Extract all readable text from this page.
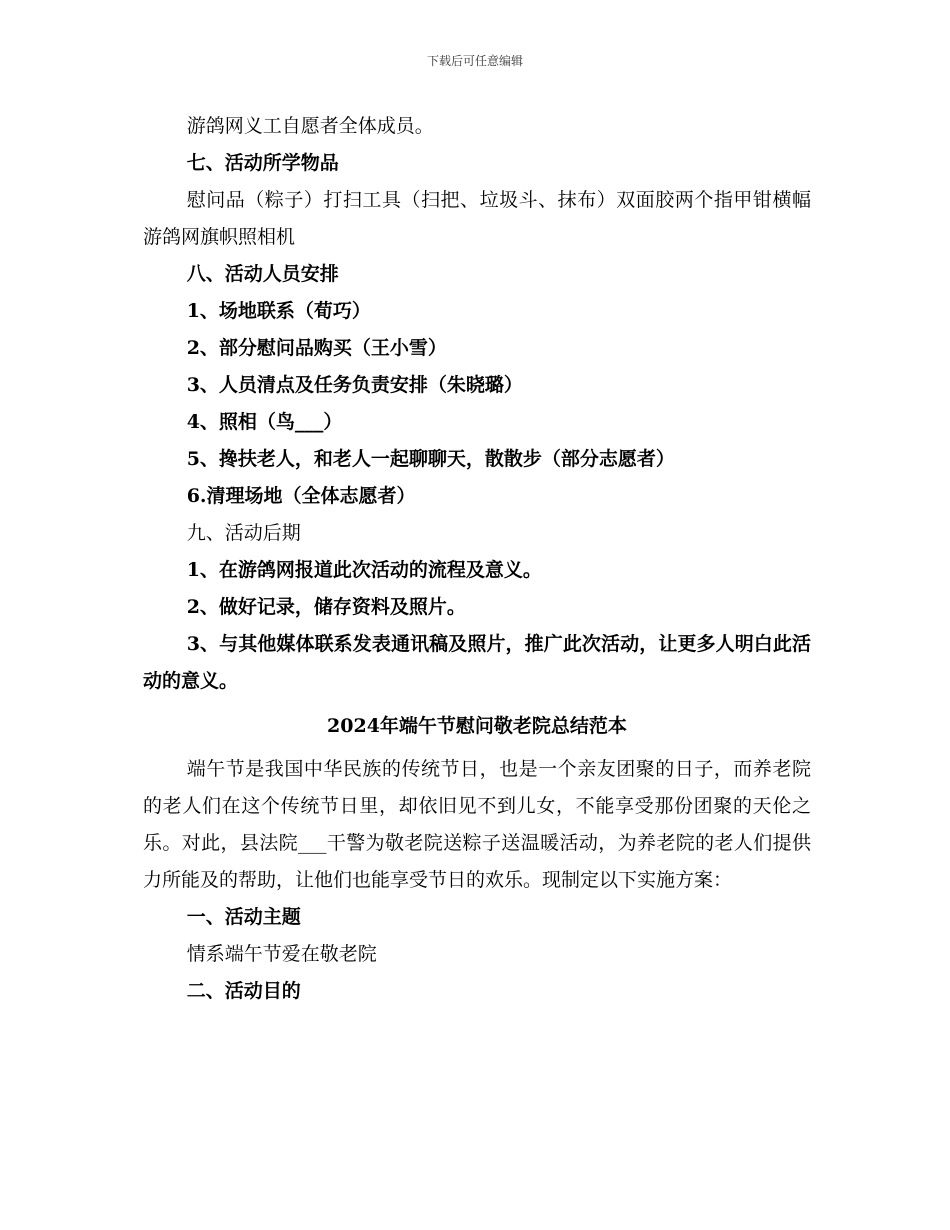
下载后可任意编辑

游鸽网义工自愿者全体成员。

七、活动所学物品

慰问品（粽子）打扫工具（扫把、垃圾斗、抹布）双面胶两个指甲钳横幅游鸽网旗帜照相机

八、活动人员安排

1、场地联系（荀巧）

2、部分慰问品购买（王小雪）

3、人员清点及任务负责安排（朱晓璐）

4、照相（鸟___）

5、搀扶老人，和老人一起聊聊天，散散步（部分志愿者）

6.清理场地（全体志愿者）

九、活动后期

1、在游鸽网报道此次活动的流程及意义。

2、做好记录，储存资料及照片。

3、与其他媒体联系发表通讯稿及照片，推广此次活动，让更多人明白此活动的意义。

2024年端午节慰问敬老院总结范本

端午节是我国中华民族的传统节日，也是一个亲友团聚的日子，而养老院的老人们在这个传统节日里，却依旧见不到儿女，不能享受那份团聚的天伦之乐。对此，县法院___干警为敬老院送粽子送温暖活动，为养老院的老人们提供力所能及的帮助，让他们也能享受节日的欢乐。现制定以下实施方案：

一、活动主题

情系端午节爱在敬老院

二、活动目的
